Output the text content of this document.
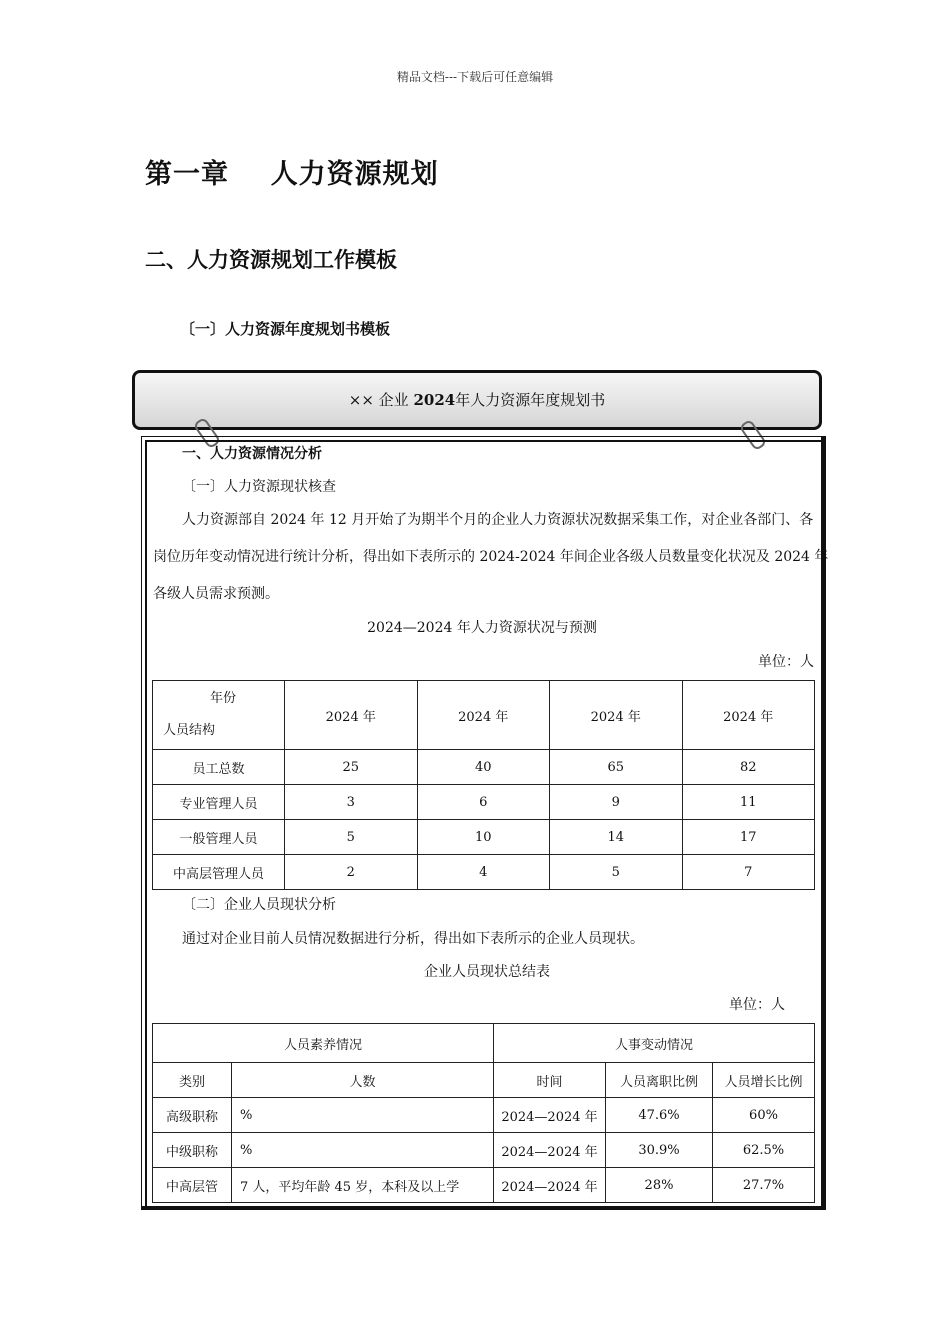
精品文档---下载后可任意编辑
第一章    人力资源规划
二、人力资源规划工作模板
〔一〕人力资源年度规划书模板
×× 企业 2024年人力资源年度规划书
一、人力资源情况分析
〔一〕人力资源现状核查
人力资源部自 2024 年 12 月开始了为期半个月的企业人力资源状况数据采集工作，对企业各部门、各
岗位历年变动情况进行统计分析，得出如下表所示的 2024-2024 年间企业各级人员数量变化状况及 2024 年
各级人员需求预测。
2024—2024 年人力资源状况与预测
单位：人
年份
人员结构	2024 年	2024 年	2024 年	2024 年
员工总数	25	40	65	82
专业管理人员	3	6	9	11
一般管理人员	5	10	14	17
中高层管理人员	2	4	5	7
〔二〕企业人员现状分析
通过对企业目前人员情况数据进行分析，得出如下表所示的企业人员现状。
企业人员现状总结表
单位：人
人员素养情况		人事变动情况		
类别	人数	时间	人员离职比例	人员增长比例
高级职称	%	2024—2024 年	47.6%	60%
中级职称	%	2024—2024 年	30.9%	62.5%
中高层管	7 人，平均年龄 45 岁，本科及以上学	2024—2024 年	28%	27.7%
